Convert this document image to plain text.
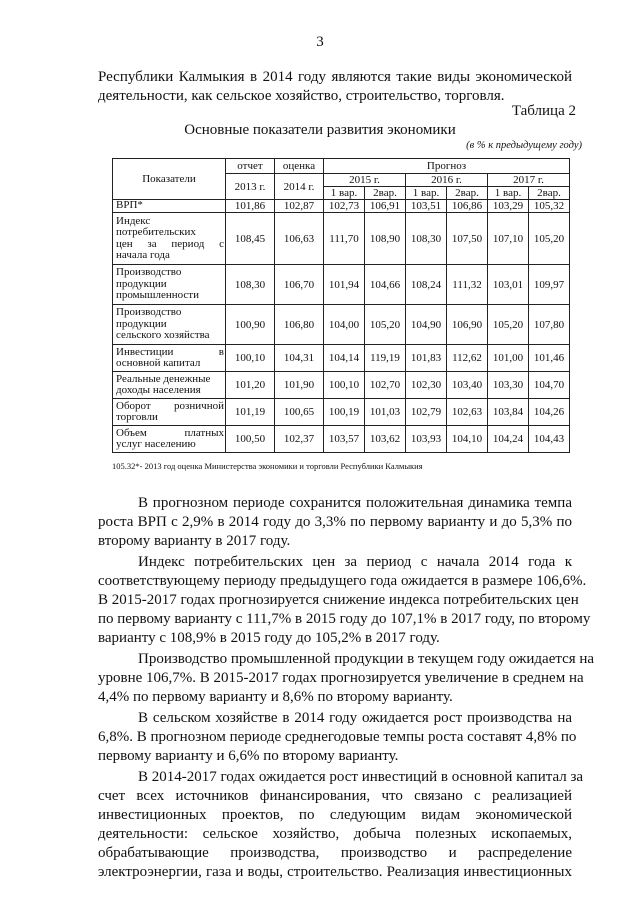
3
Республики Калмыкия в 2014 году являются такие виды экономической
деятельности, как сельское хозяйство, строительство, торговля.
Таблица 2
Основные показатели развития экономики
(в % к предыдущему году)
Показатели	отчет	оценка	Прогноз					
	2013 г.	2014 г.	2015 г.		2016 г.		2017 г.	
			1 вар.	2вар.	1 вар.	2вар.	1 вар.	2вар.
ВРП*	101,86	102,87	102,73	106,91	103,51	106,86	103,29	105,32

Индекс
потребительских
цен за период с
начала года	108,45	106,63	111,70	108,90	108,30	107,50	107,10	105,20

Производство
продукции
промышленности	108,30	106,70	101,94	104,66	108,24	111,32	103,01	109,97

Производство
продукции
сельского хозяйства	100,90	106,80	104,00	105,20	104,90	106,90	105,20	107,80

Инвестиции в
основной капитал	100,10	104,31	104,14	119,19	101,83	112,62	101,00	101,46

Реальные денежные
доходы населения	101,20	101,90	100,10	102,70	102,30	103,40	103,30	104,70

Оборот розничной
торговли	101,19	100,65	100,19	101,03	102,79	102,63	103,84	104,26

Объем платных
услуг населению	100,50	102,37	103,57	103,62	103,93	104,10	104,24	104,43
105.32*- 2013 год оценка Министерства экономики и торговли Республики Калмыкия
В прогнозном периоде сохранится положительная динамика темпа
роста ВРП с 2,9% в 2014 году до 3,3% по первому варианту и до 5,3% по
второму варианту в 2017 году.
Индекс потребительских цен за период с начала 2014 года к
соответствующему периоду предыдущего года ожидается в размере 106,6%.
В 2015-2017 годах прогнозируется снижение индекса потребительских цен
по первому варианту с 111,7% в 2015 году до 107,1% в 2017 году, по второму
варианту с 108,9% в 2015 году до 105,2% в 2017 году.
Производство промышленной продукции в текущем году ожидается на
уровне 106,7%. В 2015-2017 годах прогнозируется увеличение в среднем на
4,4% по первому варианту и 8,6% по второму варианту.
В сельском хозяйстве в 2014 году ожидается рост производства на
6,8%. В прогнозном периоде среднегодовые темпы роста составят 4,8% по
первому варианту и 6,6% по второму варианту.
В 2014-2017 годах ожидается рост инвестиций в основной капитал за
счет всех источников финансирования, что связано с реализацией
инвестиционных проектов, по следующим видам экономической
деятельности: сельское хозяйство, добыча полезных ископаемых,
обрабатывающие производства, производство и распределение
электроэнергии, газа и воды, строительство. Реализация инвестиционных
